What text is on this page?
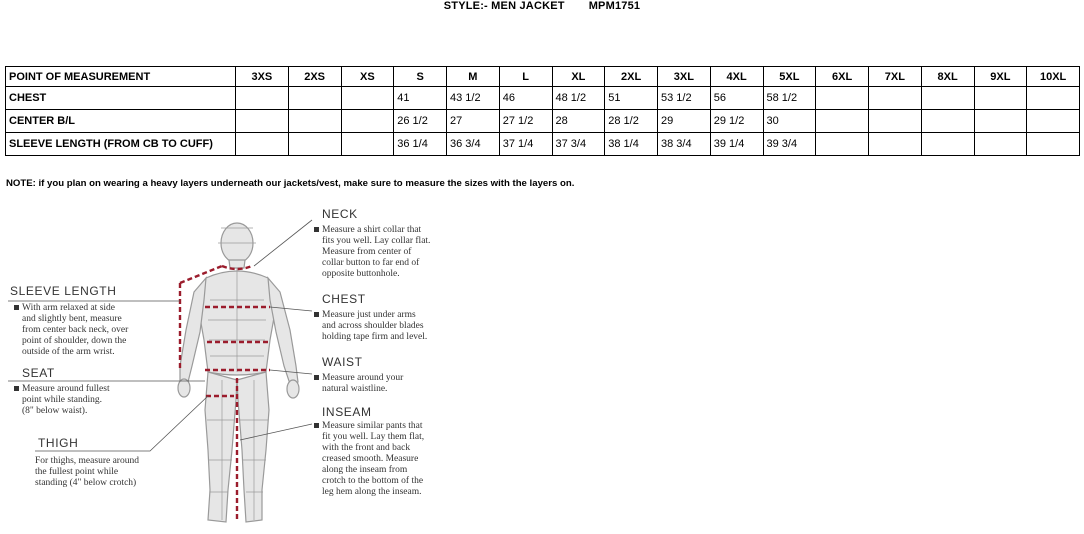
STYLE:- MEN JACKET MPM1751
POINT OF MEASUREMENT	3XS	2XS	XS	S	M	L	XL	2XL	3XL	4XL	5XL	6XL	7XL	8XL	9XL	10XL
CHEST				41	43 1/2	46	48 1/2	51	53 1/2	56	58 1/2					
CENTER B/L				26 1/2	27	27 1/2	28	28 1/2	29	29 1/2	30					
SLEEVE LENGTH (FROM CB TO CUFF)				36 1/4	36 3/4	37 1/4	37 3/4	38 1/4	38 3/4	39 1/4	39 3/4					
NOTE: if you plan on wearing a heavy layers underneath our jackets/vest, make sure to measure the sizes with the layers on.
NECK
Measure a shirt collar that
fits you well. Lay collar flat.
Measure from center of
collar button to far end of
opposite buttonhole.
CHEST
Measure just under arms
and across shoulder blades
holding tape firm and level.
WAIST
Measure around your
natural waistline.
INSEAM
Measure similar pants that
fit you well. Lay them flat,
with the front and back
creased smooth. Measure
along the inseam from
crotch to the bottom of the
leg hem along the inseam.
SLEEVE LENGTH
With arm relaxed at side
and slightly bent, measure
from center back neck, over
point of shoulder, down the
outside of the arm wrist.
SEAT
Measure around fullest
point while standing.
(8" below waist).
THIGH
For thighs, measure around
the fullest point while
standing (4" below crotch)
